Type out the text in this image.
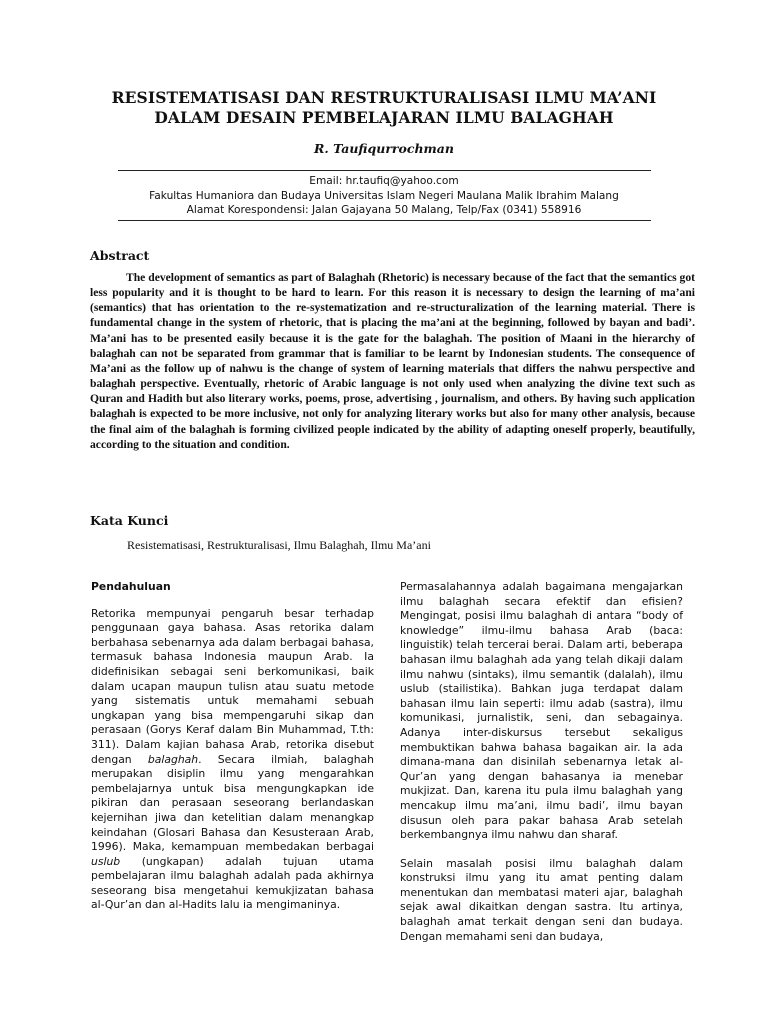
RESISTEMATISASI DAN RESTRUKTURALISASI ILMU MA’ANI
DALAM DESAIN PEMBELAJARAN ILMU BALAGHAH
R. Taufiqurrochman
Email: hr.taufiq@yahoo.com
Fakultas Humaniora dan Budaya Universitas Islam Negeri Maulana Malik Ibrahim Malang
Alamat Korespondensi: Jalan Gajayana 50 Malang, Telp/Fax (0341) 558916
Abstract

The development of semantics as part of Balaghah (Rhetoric) is necessary because of the fact that the semantics got less popularity and it is thought to be hard to learn. For this reason it is necessary to design the learning of ma’ani (semantics) that has orientation to the re-systematization and re-structuralization of the learning material. There is fundamental change in the system of rhetoric, that is placing the ma’ani at the beginning, followed by bayan and badi’. Ma’ani has to be presented easily because it is the gate for the balaghah. The position of Maani in the hierarchy of balaghah can not be separated from grammar that is familiar to be learnt by Indonesian students. The consequence of Ma’ani as the follow up of nahwu is the change of system of learning materials that differs the nahwu perspective and balaghah perspective. Eventually, rhetoric of Arabic language is not only used when analyzing the divine text such as Quran and Hadith but also literary works, poems, prose, advertising , journalism, and others. By having such application balaghah is expected to be more inclusive, not only for analyzing literary works but also for many other analysis, because the final aim of the balaghah is forming civilized people indicated by the ability of adapting oneself properly, beautifully, according to the situation and condition.

Kata Kunci
Resistematisasi, Restrukturalisasi, Ilmu Balaghah, Ilmu Ma’ani
Pendahuluan

Retorika mempunyai pengaruh besar terhadap penggunaan gaya bahasa. Asas retorika dalam berbahasa sebenarnya ada dalam berbagai bahasa, termasuk bahasa Indonesia maupun Arab. Ia didefinisikan sebagai seni berkomunikasi, baik dalam ucapan maupun tulisn atau suatu metode yang sistematis untuk memahami sebuah ungkapan yang bisa mempengaruhi sikap dan perasaan (Gorys Keraf dalam Bin Muhammad, T.th: 311). Dalam kajian bahasa Arab, retorika disebut dengan balaghah. Secara ilmiah, balaghah merupakan disiplin ilmu yang mengarahkan pembelajarnya untuk bisa mengungkapkan ide pikiran dan perasaan seseorang berlandaskan kejernihan jiwa dan ketelitian dalam menangkap keindahan (Glosari Bahasa dan Kesusteraan Arab, 1996). Maka, kemampuan membedakan berbagai uslub (ungkapan) adalah tujuan utama pembelajaran ilmu balaghah adalah pada akhirnya seseorang bisa mengetahui kemukjizatan bahasa al-Qur’an dan al-Hadits lalu ia mengimaninya.

Permasalahannya adalah bagaimana mengajarkan ilmu balaghah secara efektif dan efisien? Mengingat, posisi ilmu balaghah di antara “body of knowledge” ilmu-ilmu bahasa Arab (baca: linguistik) telah tercerai berai. Dalam arti, beberapa bahasan ilmu balaghah ada yang telah dikaji dalam ilmu nahwu (sintaks), ilmu semantik (dalalah), ilmu uslub (stailistika). Bahkan juga terdapat dalam bahasan ilmu lain seperti: ilmu adab (sastra), ilmu komunikasi, jurnalistik, seni, dan sebagainya. Adanya inter-diskursus tersebut sekaligus membuktikan bahwa bahasa bagaikan air. Ia ada dimana-mana dan disinilah sebenarnya letak al-Qur’an yang dengan bahasanya ia menebar mukjizat. Dan, karena itu pula ilmu balaghah yang mencakup ilmu ma’ani, ilmu badi’, ilmu bayan disusun oleh para pakar bahasa Arab setelah berkembangnya ilmu nahwu dan sharaf.

Selain masalah posisi ilmu balaghah dalam konstruksi ilmu yang itu amat penting dalam menentukan dan membatasi materi ajar, balaghah sejak awal dikaitkan dengan sastra. Itu artinya, balaghah amat terkait dengan seni dan budaya. Dengan memahami seni dan budaya,
